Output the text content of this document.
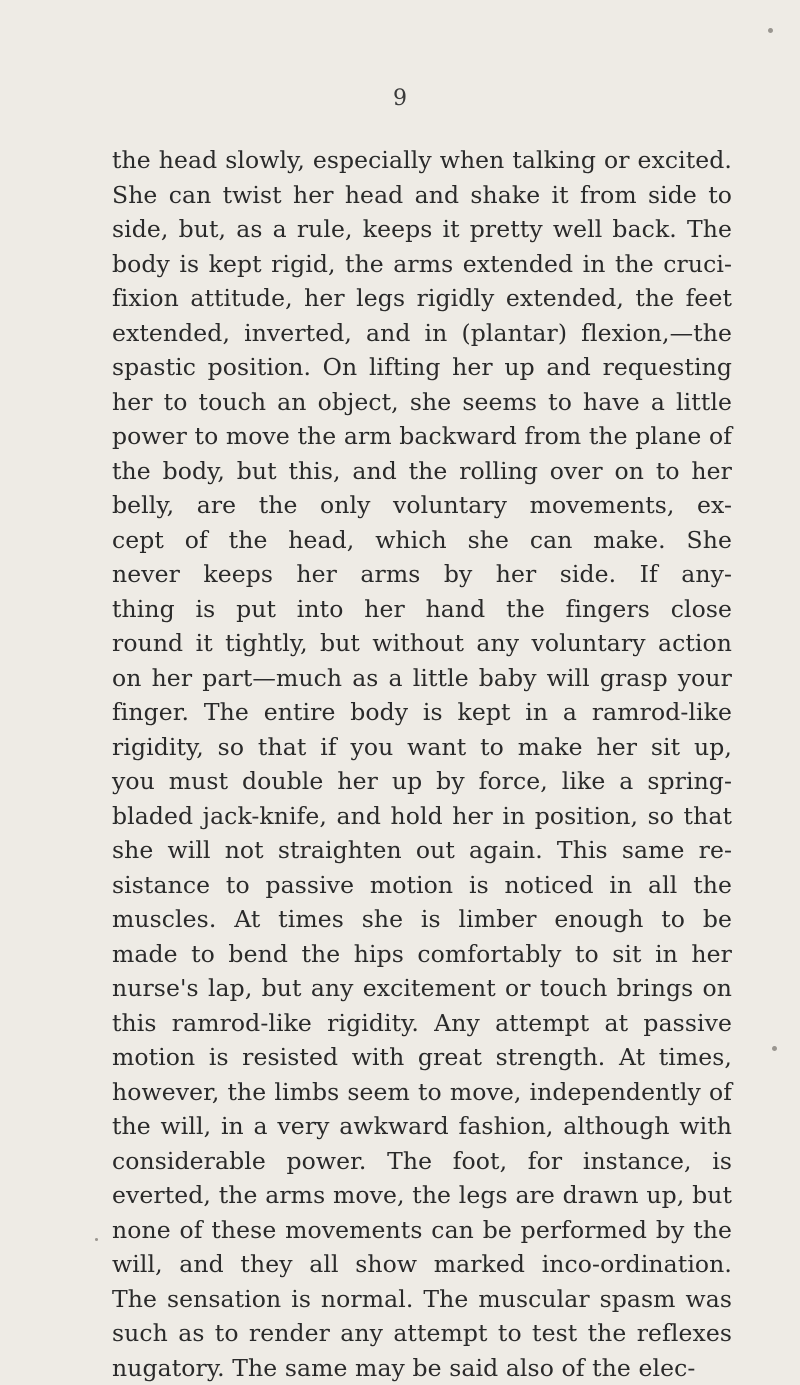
9
the head slowly, especially when talking or excited.
She can twist her head and shake it from side to
side, but, as a rule, keeps it pretty well back. The
body is kept rigid, the arms extended in the cruci-
fixion attitude, her legs rigidly extended, the feet
extended, inverted, and in (plantar) flexion,—the
spastic position. On lifting her up and requesting
her to touch an object, she seems to have a little
power to move the arm backward from the plane of
the body, but this, and the rolling over on to her
belly, are the only voluntary movements, ex-
cept of the head, which she can make. She
never keeps her arms by her side. If any-
thing is put into her hand the fingers close
round it tightly, but without any voluntary action
on her part—much as a little baby will grasp your
finger. The entire body is kept in a ramrod-like
rigidity, so that if you want to make her sit up,
you must double her up by force, like a spring-
bladed jack-knife, and hold her in position, so that
she will not straighten out again. This same re-
sistance to passive motion is noticed in all the
muscles. At times she is limber enough to be
made to bend the hips comfortably to sit in her
nurse's lap, but any excitement or touch brings on
this ramrod-like rigidity. Any attempt at passive
motion is resisted with great strength. At times,
however, the limbs seem to move, independently of
the will, in a very awkward fashion, although with
considerable power. The foot, for instance, is
everted, the arms move, the legs are drawn up, but
none of these movements can be performed by the
will, and they all show marked inco-ordination.
The sensation is normal. The muscular spasm was
such as to render any attempt to test the reflexes
nugatory. The same may be said also of the elec-
